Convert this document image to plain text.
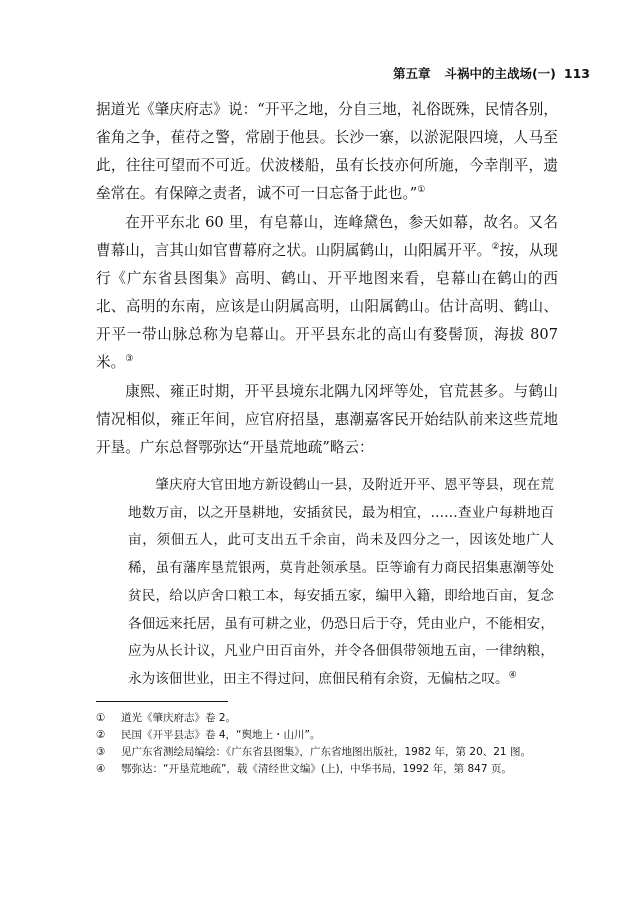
第五章 斗祸中的主战场(一) 113

据道光《肇庆府志》说：“开平之地，分自三地，礼俗既殊，民情各别，雀角之争，萑苻之警，常剧于他县。长沙一寨，以淤泥限四境，人马至此，往往可望而不可近。伏波楼船，虽有长技亦何所施，今幸削平，遗垒常在。有保障之责者，诚不可一日忘备于此也。”①

在开平东北 60 里，有皂幕山，连峰黛色，参天如幕，故名。又名曹幕山，言其山如官曹幕府之状。山阴属鹤山，山阳属开平。②按，从现行《广东省县图集》高明、鹤山、开平地图来看，皂幕山在鹤山的西北、高明的东南，应该是山阴属高明，山阳属鹤山。估计高明、鹤山、开平一带山脉总称为皂幕山。开平县东北的高山有婺髻顶，海拔 807 米。③

康熙、雍正时期，开平县境东北隅九冈坪等处，官荒甚多。与鹤山情况相似，雍正年间，应官府招垦，惠潮嘉客民开始结队前来这些荒地开垦。广东总督鄂弥达“开垦荒地疏”略云：

肇庆府大官田地方新设鹤山一县，及附近开平、恩平等县，现在荒地数万亩，以之开垦耕地，安插贫民，最为相宜，……查业户每耕地百亩，须佃五人，此可支出五千余亩，尚未及四分之一，因该处地广人稀，虽有藩库垦荒银两，莫肯赴领承垦。臣等谕有力商民招集惠潮等处贫民，给以庐舍口粮工本，每安插五家，编甲入籍，即给地百亩，复念各佃远来托居，虽有可耕之业，仍恐日后于夺，凭由业户，不能相安，应为从长计议，凡业户田百亩外，并令各佃俱带领地五亩，一律纳粮，永为该佃世业，田主不得过问，庶佃民稍有余资，无偏枯之叹。④

① 道光《肇庆府志》卷 2。
② 民国《开平县志》卷 4，“舆地上・山川”。
③ 见广东省测绘局编绘：《广东省县图集》，广东省地图出版社，1982 年，第 20、21 图。
④ 鄂弥达：“开垦荒地疏”，载《清经世文编》(上)，中华书局，1992 年，第 847 页。
